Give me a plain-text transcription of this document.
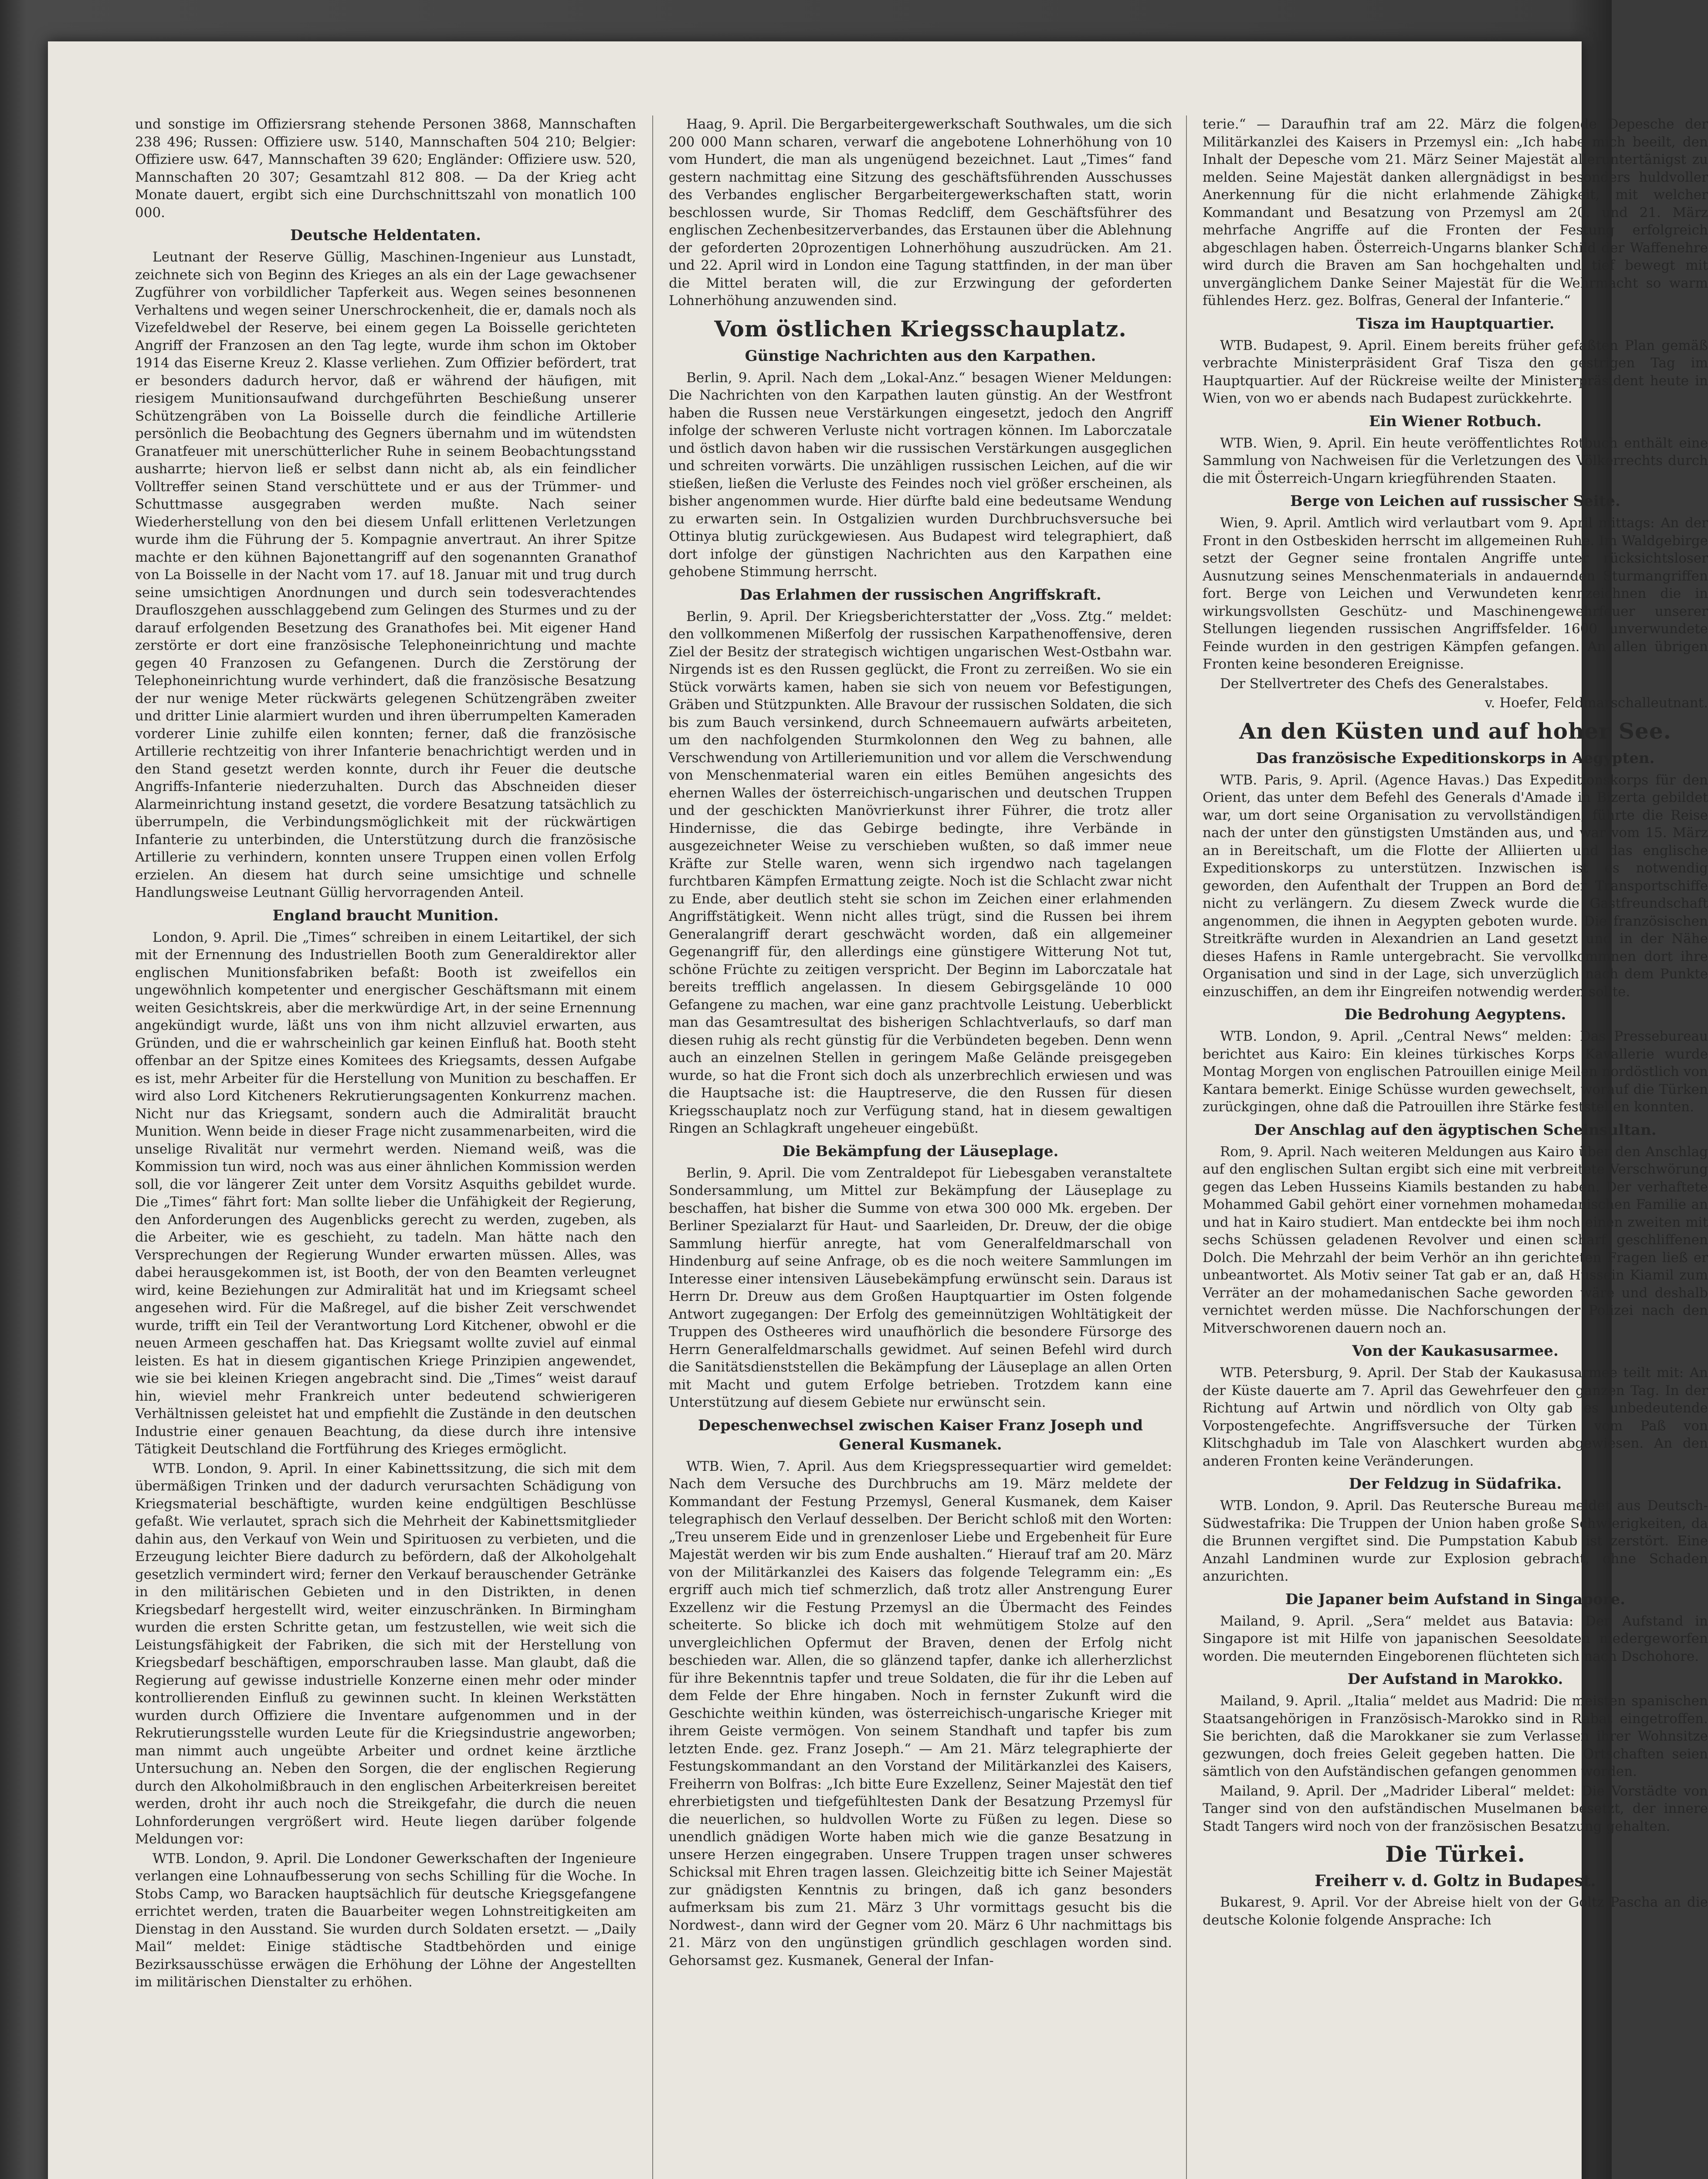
und sonstige im Offiziersrang stehende Personen 3868, Mannschaften 238 496; Russen: Offiziere usw. 5140, Mannschaften 504 210; Belgier: Offiziere usw. 647, Mannschaften 39 620; Engländer: Offiziere usw. 520, Mannschaften 20 307; Gesamtzahl 812 808. — Da der Krieg acht Monate dauert, ergibt sich eine Durchschnittszahl von monatlich 100 000.

Deutsche Heldentaten.

Leutnant der Reserve Güllig, Maschinen-Ingenieur aus Lunstadt, zeichnete sich von Beginn des Krieges an als ein der Lage gewachsener Zugführer von vorbildlicher Tapferkeit aus. Wegen seines besonnenen Verhaltens und wegen seiner Unerschrockenheit, die er, damals noch als Vizefeldwebel der Reserve, bei einem gegen La Boisselle gerichteten Angriff der Franzosen an den Tag legte, wurde ihm schon im Oktober 1914 das Eiserne Kreuz 2. Klasse verliehen. Zum Offizier befördert, trat er besonders dadurch hervor, daß er während der häufigen, mit riesigem Munitionsaufwand durchgeführten Beschießung unserer Schützengräben von La Boisselle durch die feindliche Artillerie persönlich die Beobachtung des Gegners übernahm und im wütendsten Granatfeuer mit unerschütterlicher Ruhe in seinem Beobachtungsstand ausharrte; hiervon ließ er selbst dann nicht ab, als ein feindlicher Volltreffer seinen Stand verschüttete und er aus der Trümmer- und Schuttmasse ausgegraben werden mußte. Nach seiner Wiederherstellung von den bei diesem Unfall erlittenen Verletzungen wurde ihm die Führung der 5. Kompagnie anvertraut. An ihrer Spitze machte er den kühnen Bajonettangriff auf den sogenannten Granathof von La Boisselle in der Nacht vom 17. auf 18. Januar mit und trug durch seine umsichtigen Anordnungen und durch sein todesverachtendes Draufloszgehen ausschlaggebend zum Gelingen des Sturmes und zu der darauf erfolgenden Besetzung des Granathofes bei. Mit eigener Hand zerstörte er dort eine französische Telephoneinrichtung und machte gegen 40 Franzosen zu Gefangenen. Durch die Zerstörung der Telephoneinrichtung wurde verhindert, daß die französische Besatzung der nur wenige Meter rückwärts gelegenen Schützengräben zweiter und dritter Linie alarmiert wurden und ihren überrumpelten Kameraden vorderer Linie zuhilfe eilen konnten; ferner, daß die französische Artillerie rechtzeitig von ihrer Infanterie benachrichtigt werden und in den Stand gesetzt werden konnte, durch ihr Feuer die deutsche Angriffs-Infanterie niederzuhalten. Durch das Abschneiden dieser Alarmeinrichtung instand gesetzt, die vordere Besatzung tatsächlich zu überrumpeln, die Verbindungsmöglichkeit mit der rückwärtigen Infanterie zu unterbinden, die Unterstützung durch die französische Artillerie zu verhindern, konnten unsere Truppen einen vollen Erfolg erzielen. An diesem hat durch seine umsichtige und schnelle Handlungsweise Leutnant Güllig hervorragenden Anteil.

England braucht Munition.

London, 9. April. Die „Times“ schreiben in einem Leitartikel, der sich mit der Ernennung des Industriellen Booth zum Generaldirektor aller englischen Munitionsfabriken befaßt: Booth ist zweifellos ein ungewöhnlich kompetenter und energischer Geschäftsmann mit einem weiten Gesichtskreis, aber die merkwürdige Art, in der seine Ernennung angekündigt wurde, läßt uns von ihm nicht allzuviel erwarten, aus Gründen, und die er wahrscheinlich gar keinen Einfluß hat. Booth steht offenbar an der Spitze eines Komitees des Kriegsamts, dessen Aufgabe es ist, mehr Arbeiter für die Herstellung von Munition zu beschaffen. Er wird also Lord Kitcheners Rekrutierungsagenten Konkurrenz machen. Nicht nur das Kriegsamt, sondern auch die Admiralität braucht Munition. Wenn beide in dieser Frage nicht zusammenarbeiten, wird die unselige Rivalität nur vermehrt werden. Niemand weiß, was die Kommission tun wird, noch was aus einer ähnlichen Kommission werden soll, die vor längerer Zeit unter dem Vorsitz Asquiths gebildet wurde. Die „Times“ fährt fort: Man sollte lieber die Unfähigkeit der Regierung, den Anforderungen des Augenblicks gerecht zu werden, zugeben, als die Arbeiter, wie es geschieht, zu tadeln. Man hätte nach den Versprechungen der Regierung Wunder erwarten müssen. Alles, was dabei herausgekommen ist, ist Booth, der von den Beamten verleugnet wird, keine Beziehungen zur Admiralität hat und im Kriegsamt scheel angesehen wird. Für die Maßregel, auf die bisher Zeit verschwendet wurde, trifft ein Teil der Verantwortung Lord Kitchener, obwohl er die neuen Armeen geschaffen hat. Das Kriegsamt wollte zuviel auf einmal leisten. Es hat in diesem gigantischen Kriege Prinzipien angewendet, wie sie bei kleinen Kriegen angebracht sind. Die „Times“ weist darauf hin, wieviel mehr Frankreich unter bedeutend schwierigeren Verhältnissen geleistet hat und empfiehlt die Zustände in den deutschen Industrie einer genauen Beachtung, da diese durch ihre intensive Tätigkeit Deutschland die Fortführung des Krieges ermöglicht.

WTB. London, 9. April. In einer Kabinettssitzung, die sich mit dem übermäßigen Trinken und der dadurch verursachten Schädigung von Kriegsmaterial beschäftigte, wurden keine endgültigen Beschlüsse gefaßt. Wie verlautet, sprach sich die Mehrheit der Kabinettsmitglieder dahin aus, den Verkauf von Wein und Spirituosen zu verbieten, und die Erzeugung leichter Biere dadurch zu befördern, daß der Alkoholgehalt gesetzlich vermindert wird; ferner den Verkauf berauschender Getränke in den militärischen Gebieten und in den Distrikten, in denen Kriegsbedarf hergestellt wird, weiter einzuschränken. In Birmingham wurden die ersten Schritte getan, um festzustellen, wie weit sich die Leistungsfähigkeit der Fabriken, die sich mit der Herstellung von Kriegsbedarf beschäftigen, emporschrauben lasse. Man glaubt, daß die Regierung auf gewisse industrielle Konzerne einen mehr oder minder kontrollierenden Einfluß zu gewinnen sucht. In kleinen Werkstätten wurden durch Offiziere die Inventare aufgenommen und in der Rekrutierungsstelle wurden Leute für die Kriegsindustrie angeworben; man nimmt auch ungeübte Arbeiter und ordnet keine ärztliche Untersuchung an. Neben den Sorgen, die der englischen Regierung durch den Alkoholmißbrauch in den englischen Arbeiterkreisen bereitet werden, droht ihr auch noch die Streikgefahr, die durch die neuen Lohnforderungen vergrößert wird. Heute liegen darüber folgende Meldungen vor:

WTB. London, 9. April. Die Londoner Gewerkschaften der Ingenieure verlangen eine Lohnaufbesserung von sechs Schilling für die Woche. In Stobs Camp, wo Baracken hauptsächlich für deutsche Kriegsgefangene errichtet werden, traten die Bauarbeiter wegen Lohnstreitigkeiten am Dienstag in den Ausstand. Sie wurden durch Soldaten ersetzt. — „Daily Mail“ meldet: Einige städtische Stadtbehörden und einige Bezirksausschüsse erwägen die Erhöhung der Löhne der Angestellten im militärischen Dienstalter zu erhöhen.

Haag, 9. April. Die Bergarbeitergewerkschaft Southwales, um die sich 200 000 Mann scharen, verwarf die angebotene Lohnerhöhung von 10 vom Hundert, die man als ungenügend bezeichnet. Laut „Times“ fand gestern nachmittag eine Sitzung des geschäftsführenden Ausschusses des Verbandes englischer Bergarbeitergewerkschaften statt, worin beschlossen wurde, Sir Thomas Redcliff, dem Geschäftsführer des englischen Zechenbesitzerverbandes, das Erstaunen über die Ablehnung der geforderten 20prozentigen Lohnerhöhung auszudrücken. Am 21. und 22. April wird in London eine Tagung stattfinden, in der man über die Mittel beraten will, die zur Erzwingung der geforderten Lohnerhöhung anzuwenden sind.

Vom östlichen Kriegsschauplatz.
Günstige Nachrichten aus den Karpathen.

Berlin, 9. April. Nach dem „Lokal-Anz.“ besagen Wiener Meldungen: Die Nachrichten von den Karpathen lauten günstig. An der Westfront haben die Russen neue Verstärkungen eingesetzt, jedoch den Angriff infolge der schweren Verluste nicht vortragen können. Im Laborczatale und östlich davon haben wir die russischen Verstärkungen ausgeglichen und schreiten vorwärts. Die unzähligen russischen Leichen, auf die wir stießen, ließen die Verluste des Feindes noch viel größer erscheinen, als bisher angenommen wurde. Hier dürfte bald eine bedeutsame Wendung zu erwarten sein. In Ostgalizien wurden Durchbruchsversuche bei Ottinya blutig zurückgewiesen. Aus Budapest wird telegraphiert, daß dort infolge der günstigen Nachrichten aus den Karpathen eine gehobene Stimmung herrscht.

Das Erlahmen der russischen Angriffskraft.

Berlin, 9. April. Der Kriegsberichterstatter der „Voss. Ztg.“ meldet: den vollkommenen Mißerfolg der russischen Karpathenoffensive, deren Ziel der Besitz der strategisch wichtigen ungarischen West-Ostbahn war. Nirgends ist es den Russen geglückt, die Front zu zerreißen. Wo sie ein Stück vorwärts kamen, haben sie sich von neuem vor Befestigungen, Gräben und Stützpunkten. Alle Bravour der russischen Soldaten, die sich bis zum Bauch versinkend, durch Schneemauern aufwärts arbeiteten, um den nachfolgenden Sturmkolonnen den Weg zu bahnen, alle Verschwendung von Artilleriemunition und vor allem die Verschwendung von Menschenmaterial waren ein eitles Bemühen angesichts des ehernen Walles der österreichisch-ungarischen und deutschen Truppen und der geschickten Manövrierkunst ihrer Führer, die trotz aller Hindernisse, die das Gebirge bedingte, ihre Verbände in ausgezeichneter Weise zu verschieben wußten, so daß immer neue Kräfte zur Stelle waren, wenn sich irgendwo nach tagelangen furchtbaren Kämpfen Ermattung zeigte. Noch ist die Schlacht zwar nicht zu Ende, aber deutlich steht sie schon im Zeichen einer erlahmenden Angriffstätigkeit. Wenn nicht alles trügt, sind die Russen bei ihrem Generalangriff derart geschwächt worden, daß ein allgemeiner Gegenangriff für, den allerdings eine günstigere Witterung Not tut, schöne Früchte zu zeitigen verspricht. Der Beginn im Laborczatale hat bereits trefflich angelassen. In diesem Gebirgsgelände 10 000 Gefangene zu machen, war eine ganz prachtvolle Leistung. Ueberblickt man das Gesamtresultat des bisherigen Schlachtverlaufs, so darf man diesen ruhig als recht günstig für die Verbündeten begeben. Denn wenn auch an einzelnen Stellen in geringem Maße Gelände preisgegeben wurde, so hat die Front sich doch als unzerbrechlich erwiesen und was die Hauptsache ist: die Hauptreserve, die den Russen für diesen Kriegsschauplatz noch zur Verfügung stand, hat in diesem gewaltigen Ringen an Schlagkraft ungeheuer eingebüßt.

Die Bekämpfung der Läuseplage.

Berlin, 9. April. Die vom Zentraldepot für Liebesgaben veranstaltete Sondersammlung, um Mittel zur Bekämpfung der Läuseplage zu beschaffen, hat bisher die Summe von etwa 300 000 Mk. ergeben. Der Berliner Spezialarzt für Haut- und Saarleiden, Dr. Dreuw, der die obige Sammlung hierfür anregte, hat vom Generalfeldmarschall von Hindenburg auf seine Anfrage, ob es die noch weitere Sammlungen im Interesse einer intensiven Läusebekämpfung erwünscht sein. Daraus ist Herrn Dr. Dreuw aus dem Großen Hauptquartier im Osten folgende Antwort zugegangen: Der Erfolg des gemeinnützigen Wohltätigkeit der Truppen des Ostheeres wird unaufhörlich die besondere Fürsorge des Herrn Generalfeldmarschalls gewidmet. Auf seinen Befehl wird durch die Sanitätsdienststellen die Bekämpfung der Läuseplage an allen Orten mit Macht und gutem Erfolge betrieben. Trotzdem kann eine Unterstützung auf diesem Gebiete nur erwünscht sein.

Depeschenwechsel zwischen Kaiser Franz Joseph und General Kusmanek.

WTB. Wien, 7. April. Aus dem Kriegspressequartier wird gemeldet: Nach dem Versuche des Durchbruchs am 19. März meldete der Kommandant der Festung Przemysl, General Kusmanek, dem Kaiser telegraphisch den Verlauf desselben. Der Bericht schloß mit den Worten: „Treu unserem Eide und in grenzenloser Liebe und Ergebenheit für Eure Majestät werden wir bis zum Ende aushalten.“ Hierauf traf am 20. März von der Militärkanzlei des Kaisers das folgende Telegramm ein: „Es ergriff auch mich tief schmerzlich, daß trotz aller Anstrengung Eurer Exzellenz wir die Festung Przemysl an die Übermacht des Feindes scheiterte. So blicke ich doch mit wehmütigem Stolze auf den unvergleichlichen Opfermut der Braven, denen der Erfolg nicht beschieden war. Allen, die so glänzend tapfer, danke ich allerherzlichst für ihre Bekenntnis tapfer und treue Soldaten, die für ihr die Leben auf dem Felde der Ehre hingaben. Noch in fernster Zukunft wird die Geschichte weithin künden, was österreichisch-ungarische Krieger mit ihrem Geiste vermögen. Von seinem Standhaft und tapfer bis zum letzten Ende. gez. Franz Joseph.“ — Am 21. März telegraphierte der Festungskommandant an den Vorstand der Militärkanzlei des Kaisers, Freiherrn von Bolfras: „Ich bitte Eure Exzellenz, Seiner Majestät den tief ehrerbietigsten und tiefgefühltesten Dank der Besatzung Przemysl für die neuerlichen, so huldvollen Worte zu Füßen zu legen. Diese so unendlich gnädigen Worte haben mich wie die ganze Besatzung in unsere Herzen eingegraben. Unsere Truppen tragen unser schweres Schicksal mit Ehren tragen lassen. Gleichzeitig bitte ich Seiner Majestät zur gnädigsten Kenntnis zu bringen, daß ich ganz besonders aufmerksam bis zum 21. März 3 Uhr vormittags gesucht bis die Nordwest-, dann wird der Gegner vom 20. März 6 Uhr nachmittags bis 21. März von den ungünstigen gründlich geschlagen worden sind. Gehorsamst gez. Kusmanek, General der Infan-

terie.“ — Daraufhin traf am 22. März die folgende Depesche der Militärkanzlei des Kaisers in Przemysl ein: „Ich habe mich beeilt, den Inhalt der Depesche vom 21. März Seiner Majestät alleruntertänigst zu melden. Seine Majestät danken allergnädigst in besonders huldvoller Anerkennung für die nicht erlahmende Zähigkeit, mit welcher Kommandant und Besatzung von Przemysl am 20. und 21. März mehrfache Angriffe auf die Fronten der Festung erfolgreich abgeschlagen haben. Österreich-Ungarns blanker Schild der Waffenehre wird durch die Braven am San hochgehalten und tief bewegt mit unvergänglichem Danke Seiner Majestät für die Wehrmacht so warm fühlendes Herz. gez. Bolfras, General der Infanterie.“

Tisza im Hauptquartier.

WTB. Budapest, 9. April. Einem bereits früher gefaßten Plan gemäß verbrachte Ministerpräsident Graf Tisza den gestrigen Tag im Hauptquartier. Auf der Rückreise weilte der Ministerpräsident heute in Wien, von wo er abends nach Budapest zurückkehrte.

Ein Wiener Rotbuch.

WTB. Wien, 9. April. Ein heute veröffentlichtes Rotbuch enthält eine Sammlung von Nachweisen für die Verletzungen des Völkerrechts durch die mit Österreich-Ungarn kriegführenden Staaten.

Berge von Leichen auf russischer Seite.

Wien, 9. April. Amtlich wird verlautbart vom 9. April mittags: An der Front in den Ostbeskiden herrscht im allgemeinen Ruhe. Im Waldgebirge setzt der Gegner seine frontalen Angriffe unter rücksichtsloser Ausnutzung seines Menschenmaterials in andauernden Sturmangriffen fort. Berge von Leichen und Verwundeten kennzeichnen die in wirkungsvollsten Geschütz- und Maschinengewehrfeuer unserer Stellungen liegenden russischen Angriffsfelder. 1600 unverwundete Feinde wurden in den gestrigen Kämpfen gefangen. An allen übrigen Fronten keine besonderen Ereignisse.

Der Stellvertreter des Chefs des Generalstabes.

v. Hoefer, Feldmarschalleutnant.

An den Küsten und auf hoher See.
Das französische Expeditionskorps in Aegypten.

WTB. Paris, 9. April. (Agence Havas.) Das Expeditionskorps für den Orient, das unter dem Befehl des Generals d'Amade in Bizerta gebildet war, um dort seine Organisation zu vervollständigen, führte die Reise nach der unter den günstigsten Umständen aus, und war vom 15. März an in Bereitschaft, um die Flotte der Alliierten und das englische Expeditionskorps zu unterstützen. Inzwischen ist es notwendig geworden, den Aufenthalt der Truppen an Bord der Transportschiffe nicht zu verlängern. Zu diesem Zweck wurde die Gastfreundschaft angenommen, die ihnen in Aegypten geboten wurde. Die französischen Streitkräfte wurden in Alexandrien an Land gesetzt und in der Nähe dieses Hafens in Ramle untergebracht. Sie vervollkommnen dort ihre Organisation und sind in der Lage, sich unverzüglich nach dem Punkte einzuschiffen, an dem ihr Eingreifen notwendig werden sollte.

Die Bedrohung Aegyptens.

WTB. London, 9. April. „Central News“ melden: Das Pressebureau berichtet aus Kairo: Ein kleines türkisches Korps Kavallerie wurde Montag Morgen von englischen Patrouillen einige Meilen nordöstlich von Kantara bemerkt. Einige Schüsse wurden gewechselt, worauf die Türken zurückgingen, ohne daß die Patrouillen ihre Stärke feststellen konnten.

Der Anschlag auf den ägyptischen Scheinsultan.

Rom, 9. April. Nach weiteren Meldungen aus Kairo über den Anschlag auf den englischen Sultan ergibt sich eine mit verbreitete Verschwörung gegen das Leben Husseins Kiamils bestanden zu haben. Der verhaftete Mohammed Gabil gehört einer vornehmen mohamedanischen Familie an und hat in Kairo studiert. Man entdeckte bei ihm noch einen zweiten mit sechs Schüssen geladenen Revolver und einen scharf geschliffenen Dolch. Die Mehrzahl der beim Verhör an ihn gerichteten Fragen ließ er unbeantwortet. Als Motiv seiner Tat gab er an, daß Hussein Kiamil zum Verräter an der mohamedanischen Sache geworden wäre und deshalb vernichtet werden müsse. Die Nachforschungen der Polizei nach den Mitverschworenen dauern noch an.

Von der Kaukasusarmee.

WTB. Petersburg, 9. April. Der Stab der Kaukasusarmee teilt mit: An der Küste dauerte am 7. April das Gewehrfeuer den ganzen Tag. In der Richtung auf Artwin und nördlich von Olty gab es unbedeutende Vorpostengefechte. Angriffsversuche der Türken vom Paß von Klitschghadub im Tale von Alaschkert wurden abgewiesen. An den anderen Fronten keine Veränderungen.

Der Feldzug in Südafrika.

WTB. London, 9. April. Das Reutersche Bureau meldet aus Deutsch-Südwestafrika: Die Truppen der Union haben große Schwierigkeiten, da die Brunnen vergiftet sind. Die Pumpstation Kabub ist zerstört. Eine Anzahl Landminen wurde zur Explosion gebracht, ohne Schaden anzurichten.

Die Japaner beim Aufstand in Singapore.

Mailand, 9. April. „Sera“ meldet aus Batavia: Der Aufstand in Singapore ist mit Hilfe von japanischen Seesoldaten niedergeworfen worden. Die meuternden Eingeborenen flüchteten sich nach Dschohore.

Der Aufstand in Marokko.

Mailand, 9. April. „Italia“ meldet aus Madrid: Die meisten spanischen Staatsangehörigen in Französisch-Marokko sind in Rabat eingetroffen. Sie berichten, daß die Marokkaner sie zum Verlassen ihrer Wohnsitze gezwungen, doch freies Geleit gegeben hatten. Die Ortschaften seien sämtlich von den Aufständischen gefangen genommen worden.

Mailand, 9. April. Der „Madrider Liberal“ meldet: Die Vorstädte von Tanger sind von den aufständischen Muselmanen besetzt, der innere Stadt Tangers wird noch von der französischen Besatzung gehalten.

Die Türkei.
Freiherr v. d. Goltz in Budapest.

Bukarest, 9. April. Vor der Abreise hielt von der Goltz Pascha an die deutsche Kolonie folgende Ansprache: Ich
